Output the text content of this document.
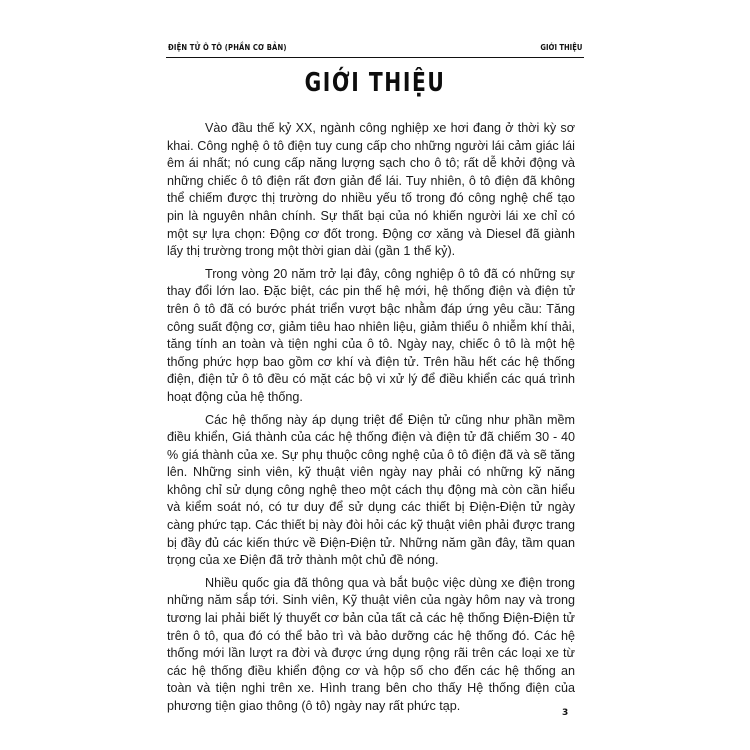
ĐIỆN TỬ Ô TÔ (PHẦN CƠ BẢN)	GIỚI THIỆU
GIỚI THIỆU

Vào đầu thế kỷ XX, ngành công nghiệp xe hơi đang ở thời kỳ sơ khai. Công nghệ ô tô điện tuy cung cấp cho những người lái cảm giác lái êm ái nhất; nó cung cấp năng lượng sạch cho ô tô; rất dễ khởi động và những chiếc ô tô điện rất đơn giản để lái. Tuy nhiên, ô tô điện đã không thể chiếm được thị trường do nhiều yếu tố trong đó công nghệ chế tạo pin là nguyên nhân chính. Sự thất bại của nó khiến người lái xe chỉ có một sự lựa chọn: Động cơ đốt trong. Động cơ xăng và Diesel đã giành lấy thị trường trong một thời gian dài (gần 1 thế kỷ).

Trong vòng 20 năm trở lại đây, công nghiệp ô tô đã có những sự thay đổi lớn lao. Đặc biệt, các pin thế hệ mới, hệ thống điện và điện tử trên ô tô đã có bước phát triển vượt bậc nhằm đáp ứng yêu cầu: Tăng công suất động cơ, giảm tiêu hao nhiên liệu, giảm thiểu ô nhiễm khí thải, tăng tính an toàn và tiện nghi của ô tô. Ngày nay, chiếc ô tô là một hệ thống phức hợp bao gồm cơ khí và điện tử. Trên hầu hết các hệ thống điện, điện tử ô tô đều có mặt các bộ vi xử lý để điều khiển các quá trình hoạt động của hệ thống.

Các hệ thống này áp dụng triệt để Điện tử cũng như phần mềm điều khiển, Giá thành của các hệ thống điện và điện tử đã chiếm 30 - 40 % giá thành của xe. Sự phụ thuộc công nghệ của ô tô điện đã và sẽ tăng lên. Những sinh viên, kỹ thuật viên ngày nay phải có những kỹ năng không chỉ sử dụng công nghệ theo một cách thụ động mà còn cần hiểu và kiểm soát nó, có tư duy để sử dụng các thiết bị Điện-Điện tử ngày càng phức tạp. Các thiết bị này đòi hỏi các kỹ thuật viên phải được trang bị đầy đủ các kiến thức về Điện-Điện tử. Những năm gần đây, tầm quan trọng của xe Điện đã trở thành một chủ đề nóng.

Nhiều quốc gia đã thông qua và bắt buộc việc dùng xe điện trong những năm sắp tới. Sinh viên, Kỹ thuật viên của ngày hôm nay và trong tương lai phải biết lý thuyết cơ bản của tất cả các hệ thống Điện-Điện tử trên ô tô, qua đó có thể bảo trì và bảo dưỡng các hệ thống đó. Các hệ thống mới lần lượt ra đời và được ứng dụng rộng rãi trên các loại xe từ các hệ thống điều khiển động cơ và hộp số cho đến các hệ thống an toàn và tiện nghi trên xe. Hình trang bên cho thấy Hệ thống điện của phương tiện giao thông (ô tô) ngày nay rất phức tạp.	3
